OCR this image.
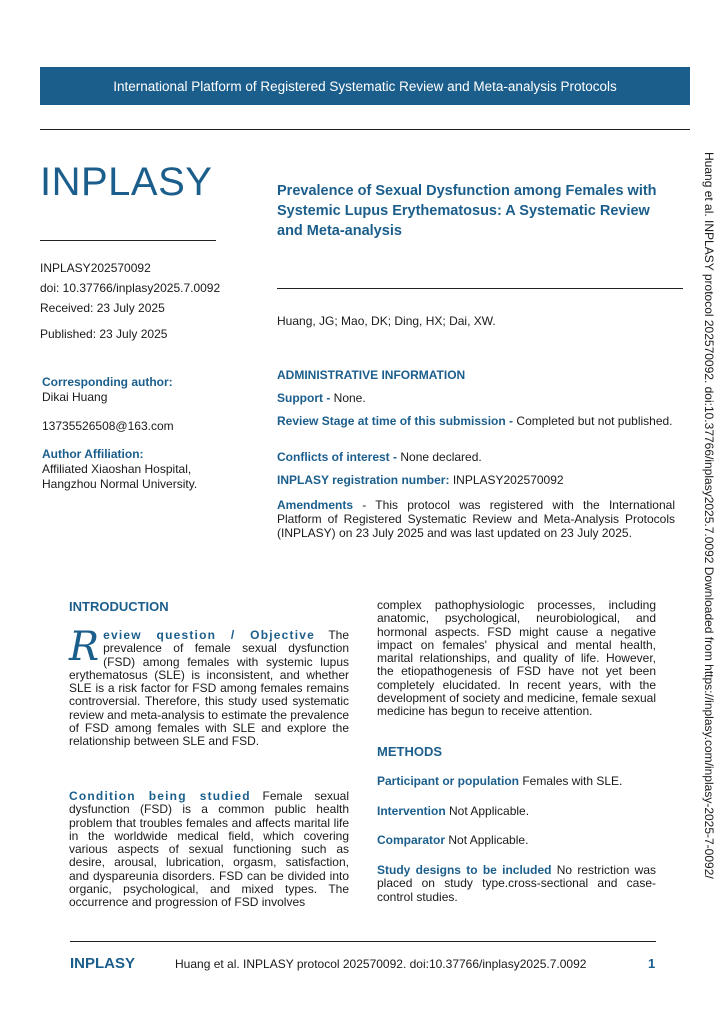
International Platform of Registered Systematic Review and Meta-analysis Protocols
INPLASY
INPLASY202570092
doi: 10.37766/inplasy2025.7.0092
Received: 23 July 2025
Published: 23 July 2025
Corresponding author:
Dikai Huang
13735526508@163.com
Author Affiliation:
Affiliated Xiaoshan Hospital,
Hangzhou Normal University.
Prevalence of Sexual Dysfunction among Females with Systemic Lupus Erythematosus: A Systematic Review and Meta-analysis
Huang, JG; Mao, DK; Ding, HX; Dai, XW.
ADMINISTRATIVE INFORMATION
Support - None.
Review Stage at time of this submission - Completed but not published.
Conflicts of interest - None declared.
INPLASY registration number: INPLASY202570092
Amendments - This protocol was registered with the International Platform of Registered Systematic Review and Meta-Analysis Protocols (INPLASY) on 23 July 2025 and was last updated on 23 July 2025.	Huang et al. INPLASY protocol 202570092. doi:10.37766/inplasy2025.7.0092 Downloaded from https://inplasy.com/inplasy-2025-7-0092/
INTRODUCTION
Review question / Objective The prevalence of female sexual dysfunction (FSD) among females with systemic lupus erythematosus (SLE) is inconsistent, and whether SLE is a risk factor for FSD among females remains controversial. Therefore, this study used systematic review and meta-analysis to estimate the prevalence of FSD among females with SLE and explore the relationship between SLE and FSD.
Condition being studied Female sexual dysfunction (FSD) is a common public health problem that troubles females and affects marital life in the worldwide medical field, which covering various aspects of sexual functioning such as desire, arousal, lubrication, orgasm, satisfaction, and dyspareunia disorders. FSD can be divided into organic, psychological, and mixed types. The occurrence and progression of FSD involves
complex pathophysiologic processes, including anatomic, psychological, neurobiological, and hormonal aspects. FSD might cause a negative impact on females' physical and mental health, marital relationships, and quality of life. However, the etiopathogenesis of FSD have not yet been completely elucidated. In recent years, with the development of society and medicine, female sexual medicine has begun to receive attention.
METHODS
Participant or population Females with SLE.
Intervention Not Applicable.
Comparator Not Applicable.
Study designs to be included No restriction was placed on study type.cross-sectional and case-control studies.
INPLASY	Huang et al. INPLASY protocol 202570092. doi:10.37766/inplasy2025.7.0092	1
